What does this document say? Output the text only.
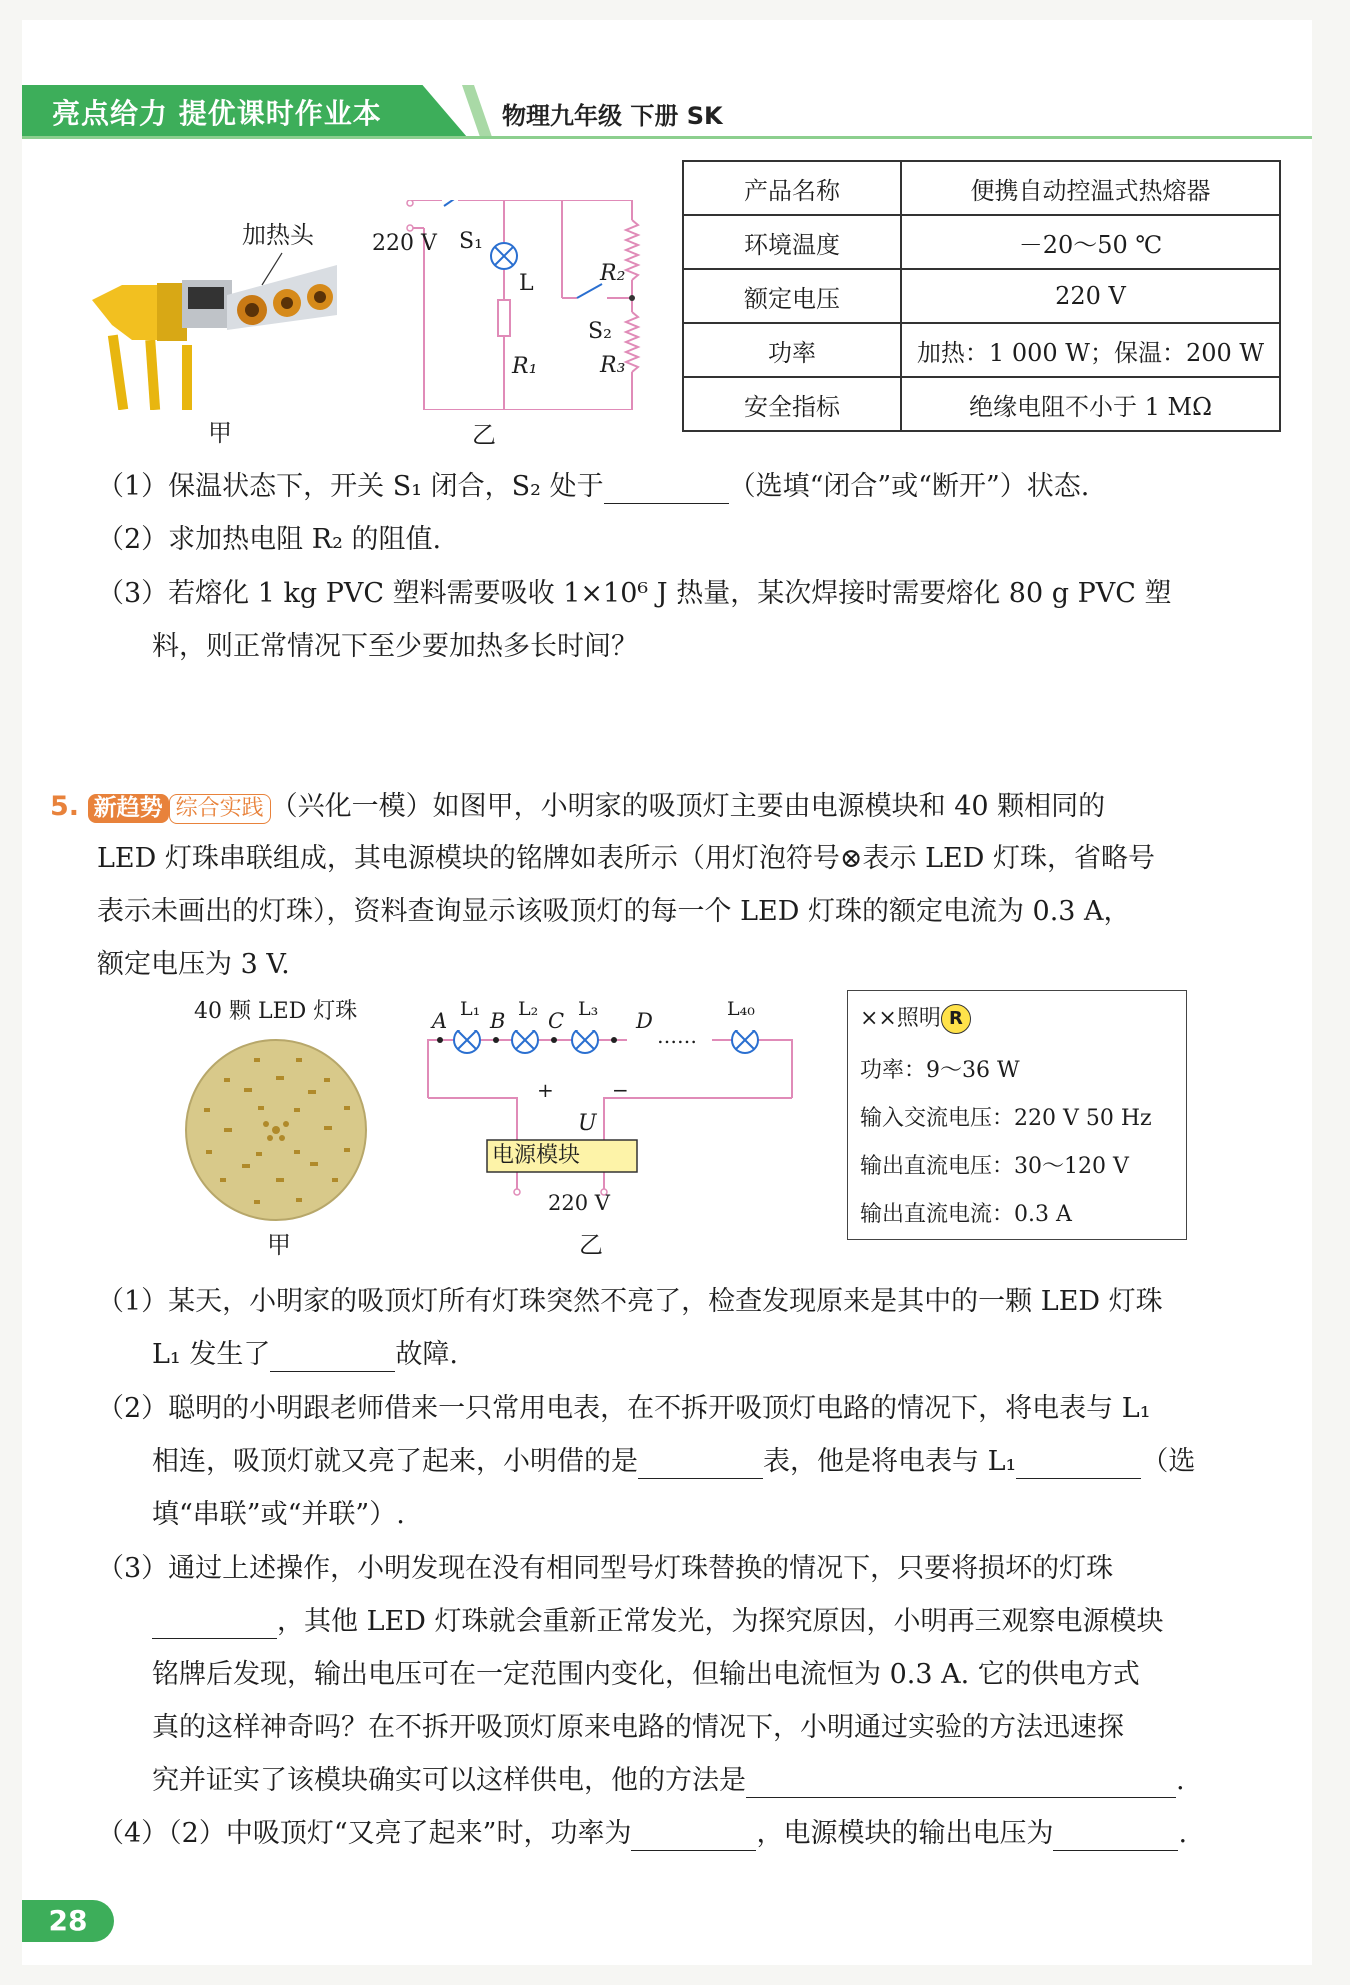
亮点给力 提优课时作业本	物理九年级 下册 SK
加热头
甲
220 V S₁
L
R₁
R₂
S₂
R₃
乙
产品名称	便携自动控温式热熔器
环境温度	－20～50 ℃
额定电压	220 V
功率	加热：1 000 W；保温：200 W
安全指标	绝缘电阻不小于 1 MΩ
（1）保温状态下，开关 S₁ 闭合，S₂ 处于	（选填“闭合”或“断开”）状态.
（2）求加热电阻 R₂ 的阻值.
（3）若熔化 1 kg PVC 塑料需要吸收 1×10⁶ J 热量，某次焊接时需要熔化 80 g PVC 塑
料，则正常情况下至少要加热多长时间？
5. 新趋势 综合实践 （兴化一模）如图甲，小明家的吸顶灯主要由电源模块和 40 颗相同的
LED 灯珠串联组成，其电源模块的铭牌如表所示（用灯泡符号⊗表示 LED 灯珠，省略号
表示未画出的灯珠），资料查询显示该吸顶灯的每一个 LED 灯珠的额定电流为 0.3 A，
额定电压为 3 V.
40 颗 LED 灯珠
甲
A B C	D
L₁ L₂ L₃	L₄₀
……
+	−
U
电源模块
220 V
乙
××照明 R
功率：9～36 W
输入交流电压：220 V 50 Hz
输出直流电压：30～120 V
输出直流电流：0.3 A
（1）某天，小明家的吸顶灯所有灯珠突然不亮了，检查发现原来是其中的一颗 LED 灯珠
L₁ 发生了	故障.
（2）聪明的小明跟老师借来一只常用电表，在不拆开吸顶灯电路的情况下，将电表与 L₁
相连，吸顶灯就又亮了起来，小明借的是	表，他是将电表与 L₁	（选
填“串联”或“并联”）.
（3）通过上述操作，小明发现在没有相同型号灯珠替换的情况下，只要将损坏的灯珠
，其他 LED 灯珠就会重新正常发光，为探究原因，小明再三观察电源模块
铭牌后发现，输出电压可在一定范围内变化，但输出电流恒为 0.3 A. 它的供电方式
真的这样神奇吗？在不拆开吸顶灯原来电路的情况下，小明通过实验的方法迅速探
究并证实了该模块确实可以这样供电，他的方法是	.
（4）（2）中吸顶灯“又亮了起来”时，功率为	，电源模块的输出电压为	.
28
